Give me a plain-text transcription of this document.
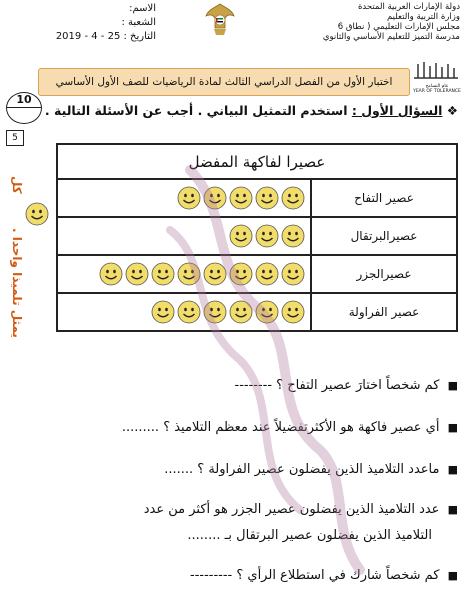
دولة الإمارات العربية المتحدة
وزارة التربية والتعليم
مجلس الإمارات التعليمي ( نطاق 6
مدرسة التميز للتعليم الأساسي والثانوي
الاسم:
الشعبة :
التاريخ : 25 - 4 - 2019
عام التسامح
YEAR OF TOLERANCE
اختبار الأول من الفصل الدراسي الثالث لمادة الرياضيات للصف الأول الأساسي
10
5
❖ السؤال الأول : استخدم التمثيل البياني . أجب عن الأسئلة التالية .
عصيرا لفاكهة المفضل	
عصير التفاح	
عصيرالبرتقال	
عصيرالجزر	
عصير الفراولة	
كل
يمثل تلميذا واحدا .
■ كم شخصاً اختارَ عصير التفاح ؟ --------
■ أي عصير فاكهة هو الأكثرتفضيلاً عند معظم التلاميذ ؟ .........
■ ماعدد التلاميذ الذين يفضلون عصير الفراولة ؟ .......
■ عدد التلاميذ الذين يفضلون عصير الجزر هو أكثر من عدد
التلاميذ الذين يفضلون عصير البرتقال بـ ........
■ كم شخصاً شارك في استطلاع الرأي ؟ ---------
